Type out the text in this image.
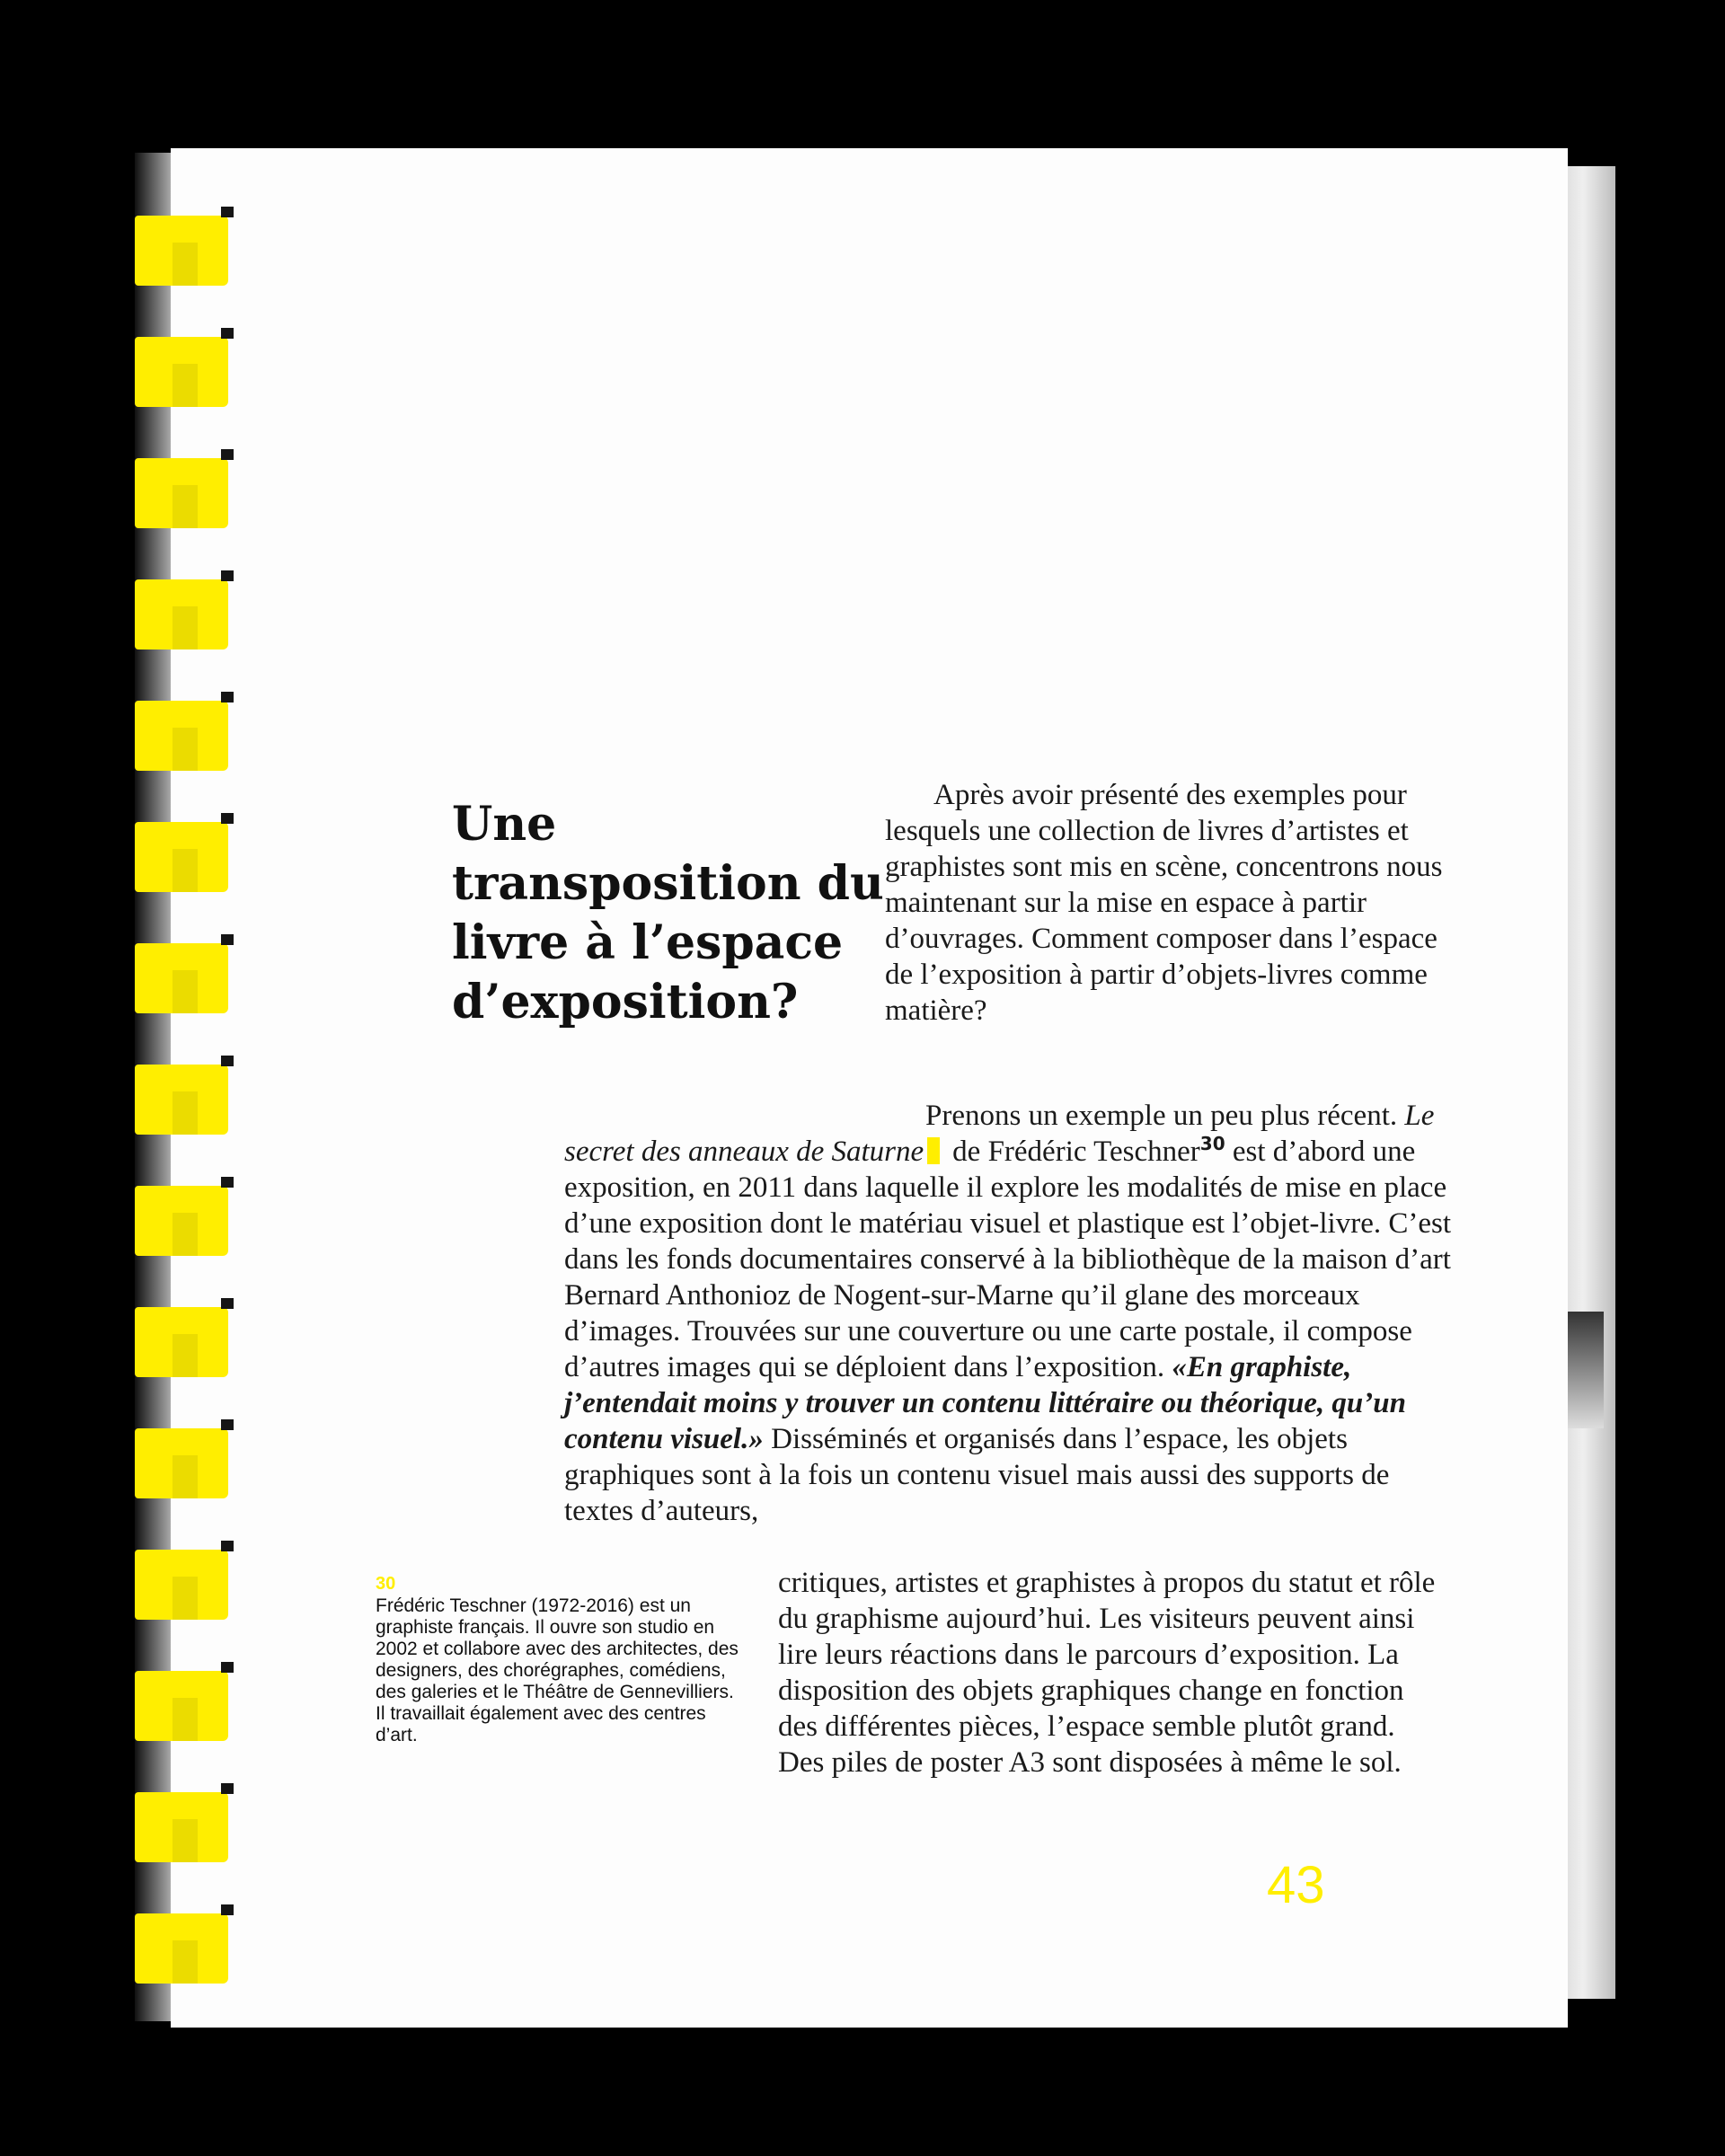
Une transposition du livre à l’espace d’exposition?

Après avoir présenté des exemples pour lesquels une collection de livres d’artistes et graphistes sont mis en scène, concentrons nous maintenant sur la mise en espace à partir d’ouvrages. Comment composer dans l’espace de l’exposition à partir d’objets-livres comme matière?

Prenons un exemple un peu plus récent. Le secret des anneaux de Saturne de Frédéric Teschner$^{30}$ est d’abord une exposition, en 2011 dans laquelle il explore les modalités de mise en place d’une exposition dont le matériau visuel et plastique est l’objet-livre. C’est dans les fonds documentaires conservé à la bibliothèque de la maison d’art Bernard Anthonioz de Nogent-sur-Marne qu’il glane des morceaux d’images. Trouvées sur une couverture ou une carte postale, il compose d’autres images qui se déploient dans l’exposition. «En graphiste, j’entendait moins y trouver un contenu littéraire ou théorique, qu’un contenu visuel.» Disséminés et organisés dans l’espace, les objets graphiques sont à la fois un contenu visuel mais aussi des supports de textes d’auteurs,

critiques, artistes et graphistes à propos du statut et rôle du graphisme aujourd’hui. Les visiteurs peuvent ainsi lire leurs réactions dans le parcours d’exposition. La disposition des objets graphiques change en fonction des différentes pièces, l’espace semble plutôt grand. Des piles de poster A3 sont disposées à même le sol.

30

Frédéric Teschner (1972-2016) est un graphiste français. Il ouvre son studio en 2002 et collabore avec des architectes, des designers, des chorégraphes, comédiens, des galeries et le Théâtre de Gennevilliers. Il travaillait également avec des centres d’art.

43
